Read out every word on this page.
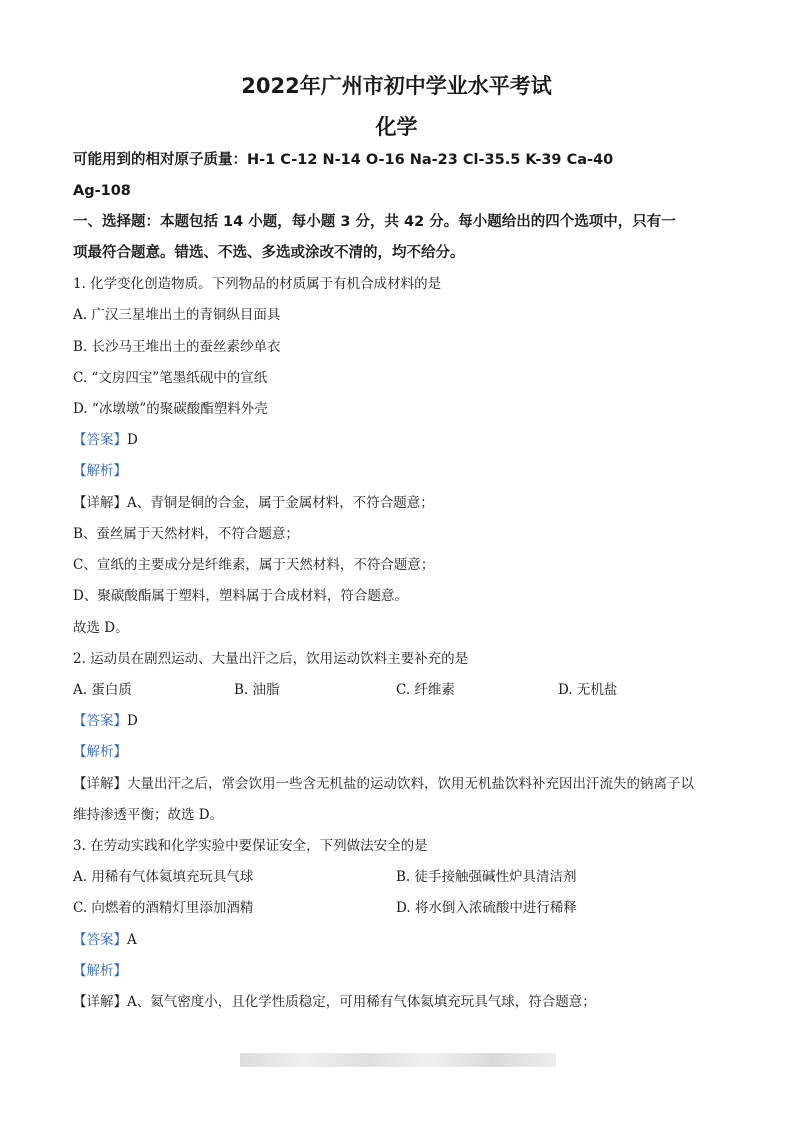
2022年广州市初中学业水平考试
化学
可能用到的相对原子质量：H-1 C-12 N-14 O-16 Na-23 Cl-35.5 K-39 Ca-40
Ag-108
一、选择题：本题包括 14 小题，每小题 3 分，共 42 分。每小题给出的四个选项中，只有一
项最符合题意。错选、不选、多选或涂改不清的，均不给分。
1. 化学变化创造物质。下列物品的材质属于有机合成材料的是
A. 广汉三星堆出土的青铜纵目面具
B. 长沙马王堆出土的蚕丝素纱单衣
C. “文房四宝”笔墨纸砚中的宣纸
D. “冰墩墩”的聚碳酸酯塑料外壳
【答案】D
【解析】
【详解】A、青铜是铜的合金，属于金属材料，不符合题意；
B、蚕丝属于天然材料，不符合题意；
C、宣纸的主要成分是纤维素，属于天然材料，不符合题意；
D、聚碳酸酯属于塑料，塑料属于合成材料，符合题意。
故选 D。
2. 运动员在剧烈运动、大量出汗之后，饮用运动饮料主要补充的是
A. 蛋白质	B. 油脂	C. 纤维素	D. 无机盐
【答案】D
【解析】
【详解】大量出汗之后，常会饮用一些含无机盐的运动饮料，饮用无机盐饮料补充因出汗流失的钠离子以
维持渗透平衡；故选 D。
3. 在劳动实践和化学实验中要保证安全，下列做法安全的是
A. 用稀有气体氦填充玩具气球	B. 徒手接触强碱性炉具清洁剂
C. 向燃着的酒精灯里添加酒精	D. 将水倒入浓硫酸中进行稀释
【答案】A
【解析】
【详解】A、氦气密度小，且化学性质稳定，可用稀有气体氦填充玩具气球，符合题意；
